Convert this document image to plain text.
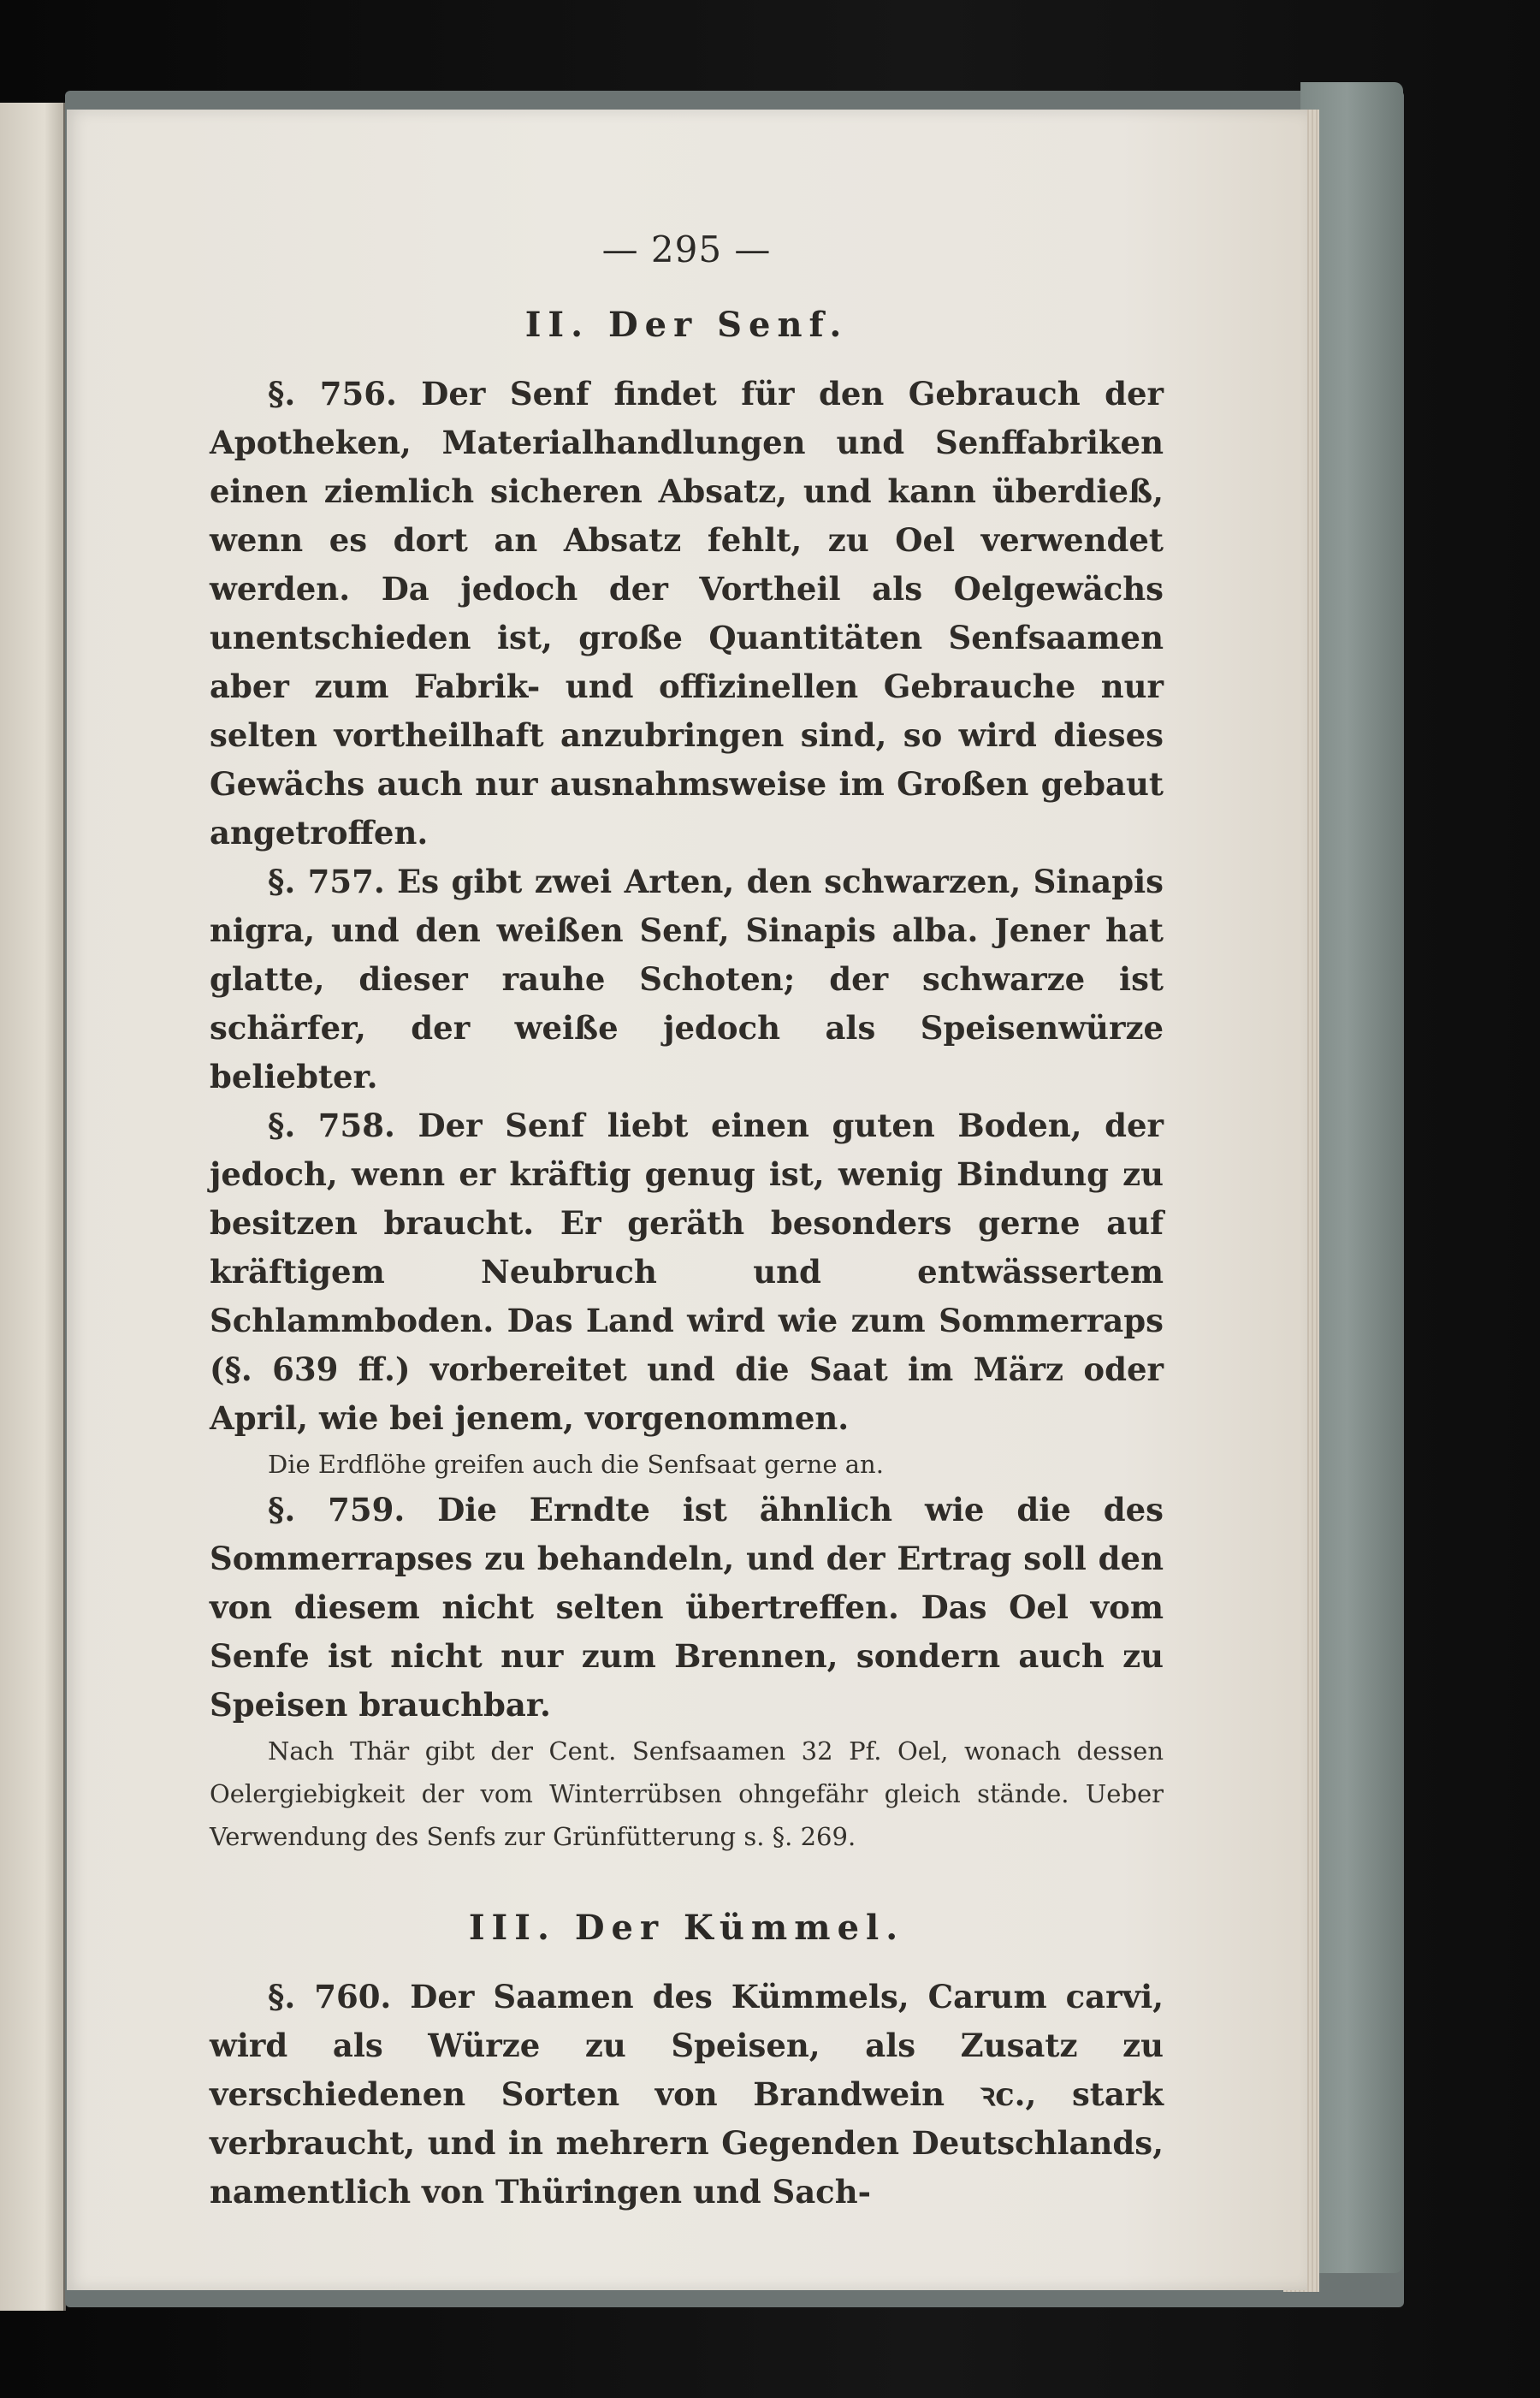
— 295 —
II. Der Senf.

§. 756. Der Senf findet für den Gebrauch der Apotheken, Materialhandlungen und Senffabriken einen ziemlich sicheren Absatz, und kann überdieß, wenn es dort an Absatz fehlt, zu Oel verwendet werden. Da jedoch der Vortheil als Oelgewächs unentschieden ist, große Quantitäten Senfsaamen aber zum Fabrik- und offizinellen Gebrauche nur selten vortheilhaft anzubringen sind, so wird dieses Gewächs auch nur ausnahmsweise im Großen gebaut angetroffen.

§. 757. Es gibt zwei Arten, den schwarzen, Sinapis nigra, und den weißen Senf, Sinapis alba. Jener hat glatte, dieser rauhe Schoten; der schwarze ist schärfer, der weiße jedoch als Speisenwürze beliebter.

§. 758. Der Senf liebt einen guten Boden, der jedoch, wenn er kräftig genug ist, wenig Bindung zu besitzen braucht. Er geräth besonders gerne auf kräftigem Neubruch und entwässertem Schlammboden. Das Land wird wie zum Sommerraps (§. 639 ff.) vorbereitet und die Saat im März oder April, wie bei jenem, vorgenommen.

Die Erdflöhe greifen auch die Senfsaat gerne an.

§. 759. Die Erndte ist ähnlich wie die des Sommerrapses zu behandeln, und der Ertrag soll den von diesem nicht selten übertreffen. Das Oel vom Senfe ist nicht nur zum Brennen, sondern auch zu Speisen brauchbar.

Nach Thär gibt der Cent. Senfsaamen 32 Pf. Oel, wonach dessen Oelergiebigkeit der vom Winterrübsen ohngefähr gleich stände. Ueber Verwendung des Senfs zur Grünfütterung s. §. 269.

III. Der Kümmel.

§. 760. Der Saamen des Kümmels, Carum carvi, wird als Würze zu Speisen, als Zusatz zu verschiedenen Sorten von Brandwein ꝛc., stark verbraucht, und in mehrern Gegenden Deutschlands, namentlich von Thüringen und Sach-
